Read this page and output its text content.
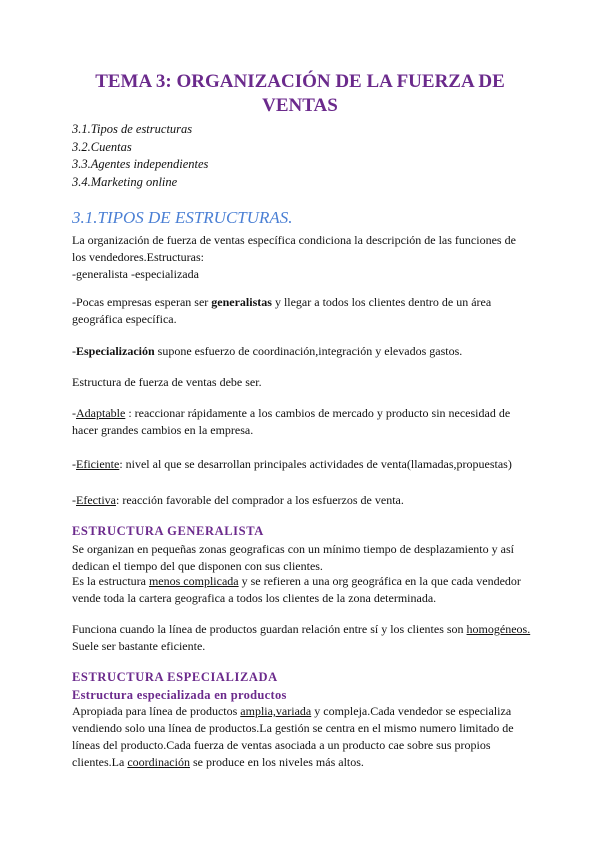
TEMA 3: ORGANIZACIÓN DE LA FUERZA DE VENTAS
3.1.Tipos de estructuras
3.2.Cuentas
3.3.Agentes independientes
3.4.Marketing online
3.1.TIPOS DE ESTRUCTURAS.

La organización de fuerza de ventas específica condiciona la descripción de las funciones de los vendedores.Estructuras:
-generalista -especializada

-Pocas empresas esperan ser generalistas y llegar a todos los clientes dentro de un área geográfica específica.

-Especialización supone esfuerzo de coordinación,integración y elevados gastos.

Estructura de fuerza de ventas debe ser.

-Adaptable : reaccionar rápidamente a los cambios de mercado y producto sin necesidad de hacer grandes cambios en la empresa.

-Eficiente: nivel al que se desarrollan principales actividades de venta(llamadas,propuestas)

-Efectiva: reacción favorable del comprador a los esfuerzos de venta.

ESTRUCTURA GENERALISTA

Se organizan en pequeñas zonas geograficas con un mínimo tiempo de desplazamiento y así dedican el tiempo del que disponen con sus clientes.

Es la estructura menos complicada y se refieren a una org geográfica en la que cada vendedor vende toda la cartera geografica a todos los clientes de la zona determinada.

Funciona cuando la línea de productos guardan relación entre sí y los clientes son homogéneos. Suele ser bastante eficiente.

ESTRUCTURA ESPECIALIZADA
Estructura especializada en productos

Apropiada para línea de productos amplia,variada y compleja.Cada vendedor se especializa vendiendo solo una línea de productos.La gestión se centra en el mismo numero limitado de líneas del producto.Cada fuerza de ventas asociada a un producto cae sobre sus propios clientes.La coordinación se produce en los niveles más altos.
